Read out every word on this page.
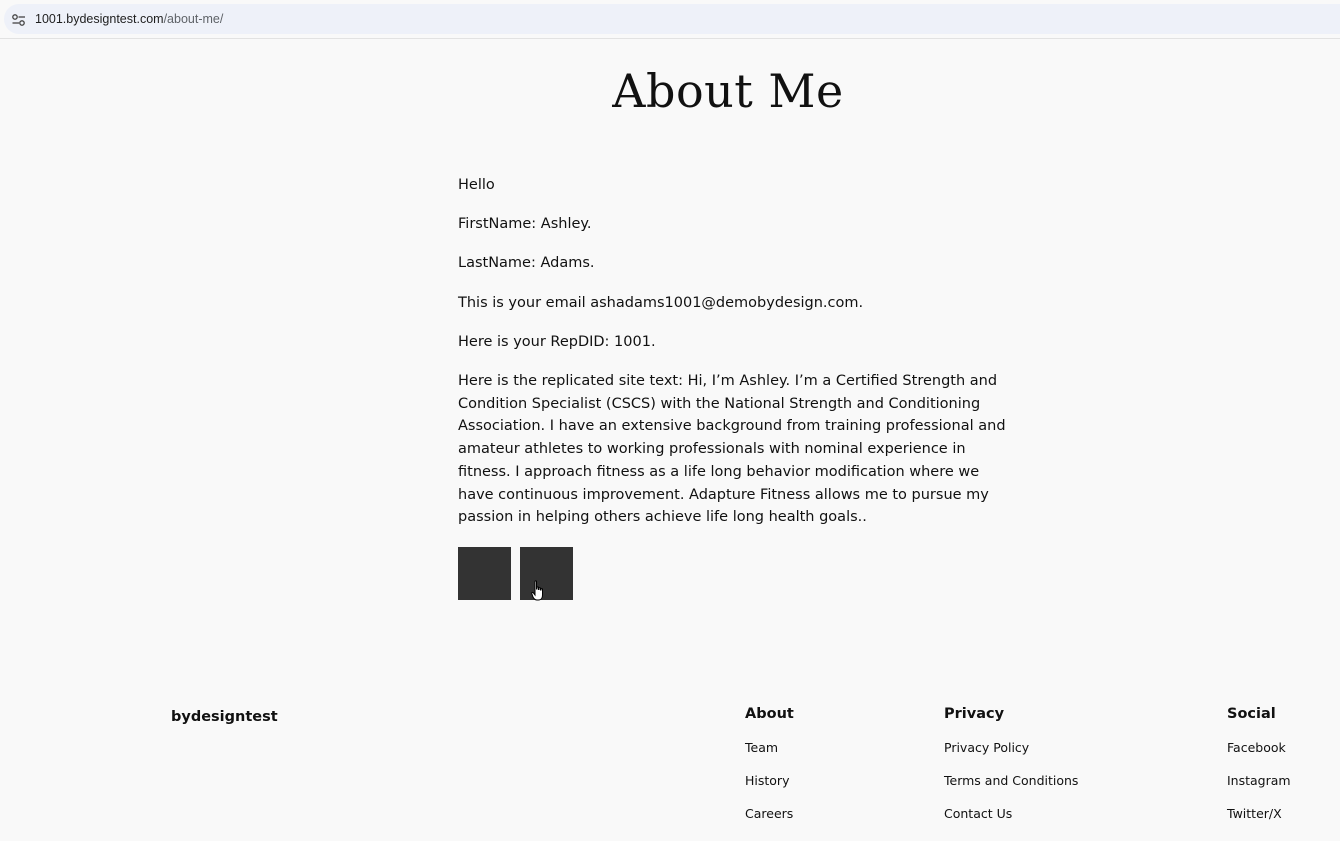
1001.bydesigntest.com/about-me/
About Me

Hello

FirstName: Ashley.

LastName: Adams.

This is your email ashadams1001@demobydesign.com.

Here is your RepDID: 1001.

Here is the replicated site text: Hi, I’m Ashley. I’m a Certified Strength and Condition Specialist (CSCS) with the National Strength and Conditioning Association. I have an extensive background from training professional and amateur athletes to working professionals with nominal experience in fitness. I approach fitness as a life long behavior modification where we have continuous improvement. Adapture Fitness allows me to pursue my passion in helping others achieve life long health goals..

bydesigntest	About
Team
History
Careers
Privacy
Privacy Policy
Terms and Conditions
Contact Us
Social
Facebook
Instagram
Twitter/X
